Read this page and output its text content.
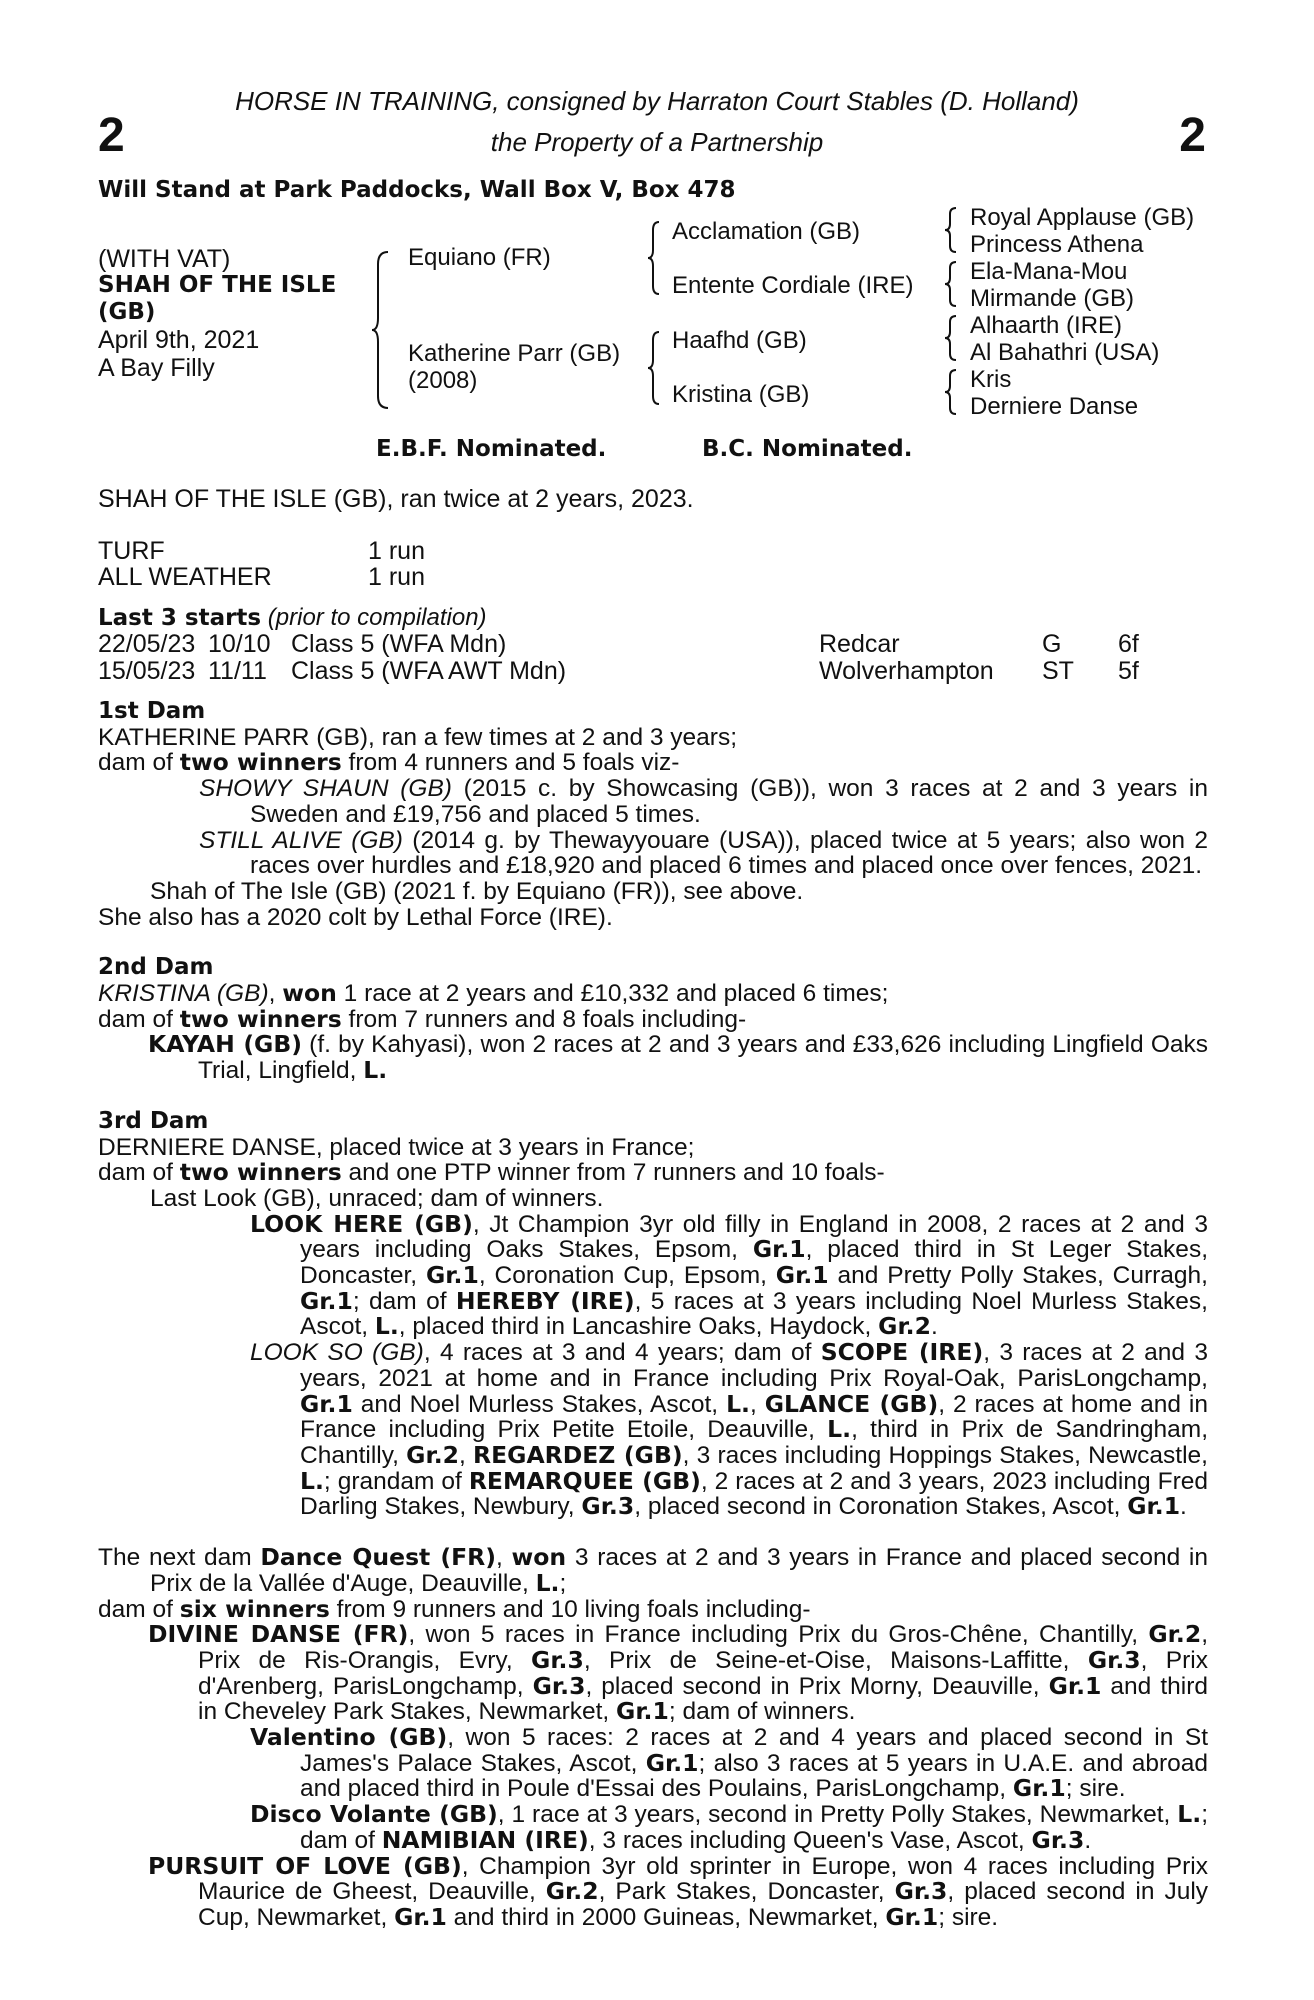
2	2
HORSE IN TRAINING, consigned by Harraton Court Stables (D. Holland)
the Property of a Partnership
Will Stand at Park Paddocks, Wall Box V, Box 478
(WITH VAT)
SHAH OF THE ISLE
(GB)
April 9th, 2021
A Bay Filly
Equiano (FR)
Katherine Parr (GB)
(2008)
Acclamation (GB)
Entente Cordiale (IRE)
Haafhd (GB)
Kristina (GB)
Royal Applause (GB)
Princess Athena
Ela-Mana-Mou
Mirmande (GB)
Alhaarth (IRE)
Al Bahathri (USA)
Kris
Derniere Danse
E.B.F. Nominated.	B.C. Nominated.
SHAH OF THE ISLE (GB), ran twice at 2 years, 2023.
TURF	1 run
ALL WEATHER	1 run
Last 3 starts (prior to compilation)
22/05/23 10/10 Class 5 (WFA Mdn)	Redcar	G 6f
15/05/23 11/11 Class 5 (WFA AWT Mdn)	Wolverhampton ST 5f

1st Dam

KATHERINE PARR (GB), ran a few times at 2 and 3 years;

dam of two winners from 4 runners and 5 foals viz-

SHOWY SHAUN (GB) (2015 c. by Showcasing (GB)), won 3 races at 2 and 3 years in Sweden and £19,756 and placed 5 times.

STILL ALIVE (GB) (2014 g. by Thewayyouare (USA)), placed twice at 5 years; also won 2 races over hurdles and £18,920 and placed 6 times and placed once over fences, 2021.

Shah of The Isle (GB) (2021 f. by Equiano (FR)), see above.

She also has a 2020 colt by Lethal Force (IRE).

2nd Dam

KRISTINA (GB), won 1 race at 2 years and £10,332 and placed 6 times;

dam of two winners from 7 runners and 8 foals including-

KAYAH (GB) (f. by Kahyasi), won 2 races at 2 and 3 years and £33,626 including Lingfield Oaks Trial, Lingfield, L.

3rd Dam

DERNIERE DANSE, placed twice at 3 years in France;

dam of two winners and one PTP winner from 7 runners and 10 foals-

Last Look (GB), unraced; dam of winners.

LOOK HERE (GB), Jt Champion 3yr old filly in England in 2008, 2 races at 2 and 3 years including Oaks Stakes, Epsom, Gr.1, placed third in St Leger Stakes, Doncaster, Gr.1, Coronation Cup, Epsom, Gr.1 and Pretty Polly Stakes, Curragh, Gr.1; dam of HEREBY (IRE), 5 races at 3 years including Noel Murless Stakes, Ascot, L., placed third in Lancashire Oaks, Haydock, Gr.2.

LOOK SO (GB), 4 races at 3 and 4 years; dam of SCOPE (IRE), 3 races at 2 and 3 years, 2021 at home and in France including Prix Royal-Oak, ParisLongchamp, Gr.1 and Noel Murless Stakes, Ascot, L., GLANCE (GB), 2 races at home and in France including Prix Petite Etoile, Deauville, L., third in Prix de Sandringham, Chantilly, Gr.2, REGARDEZ (GB), 3 races including Hoppings Stakes, Newcastle, L.; grandam of REMARQUEE (GB), 2 races at 2 and 3 years, 2023 including Fred Darling Stakes, Newbury, Gr.3, placed second in Coronation Stakes, Ascot, Gr.1.

The next dam Dance Quest (FR), won 3 races at 2 and 3 years in France and placed second in Prix de la Vallée d'Auge, Deauville, L.;

dam of six winners from 9 runners and 10 living foals including-

DIVINE DANSE (FR), won 5 races in France including Prix du Gros-Chêne, Chantilly, Gr.2, Prix de Ris-Orangis, Evry, Gr.3, Prix de Seine-et-Oise, Maisons-Laffitte, Gr.3, Prix d'Arenberg, ParisLongchamp, Gr.3, placed second in Prix Morny, Deauville, Gr.1 and third in Cheveley Park Stakes, Newmarket, Gr.1; dam of winners.

Valentino (GB), won 5 races: 2 races at 2 and 4 years and placed second in St James's Palace Stakes, Ascot, Gr.1; also 3 races at 5 years in U.A.E. and abroad and placed third in Poule d'Essai des Poulains, ParisLongchamp, Gr.1; sire.

Disco Volante (GB), 1 race at 3 years, second in Pretty Polly Stakes, Newmarket, L.; dam of NAMIBIAN (IRE), 3 races including Queen's Vase, Ascot, Gr.3.

PURSUIT OF LOVE (GB), Champion 3yr old sprinter in Europe, won 4 races including Prix Maurice de Gheest, Deauville, Gr.2, Park Stakes, Doncaster, Gr.3, placed second in July Cup, Newmarket, Gr.1 and third in 2000 Guineas, Newmarket, Gr.1; sire.
